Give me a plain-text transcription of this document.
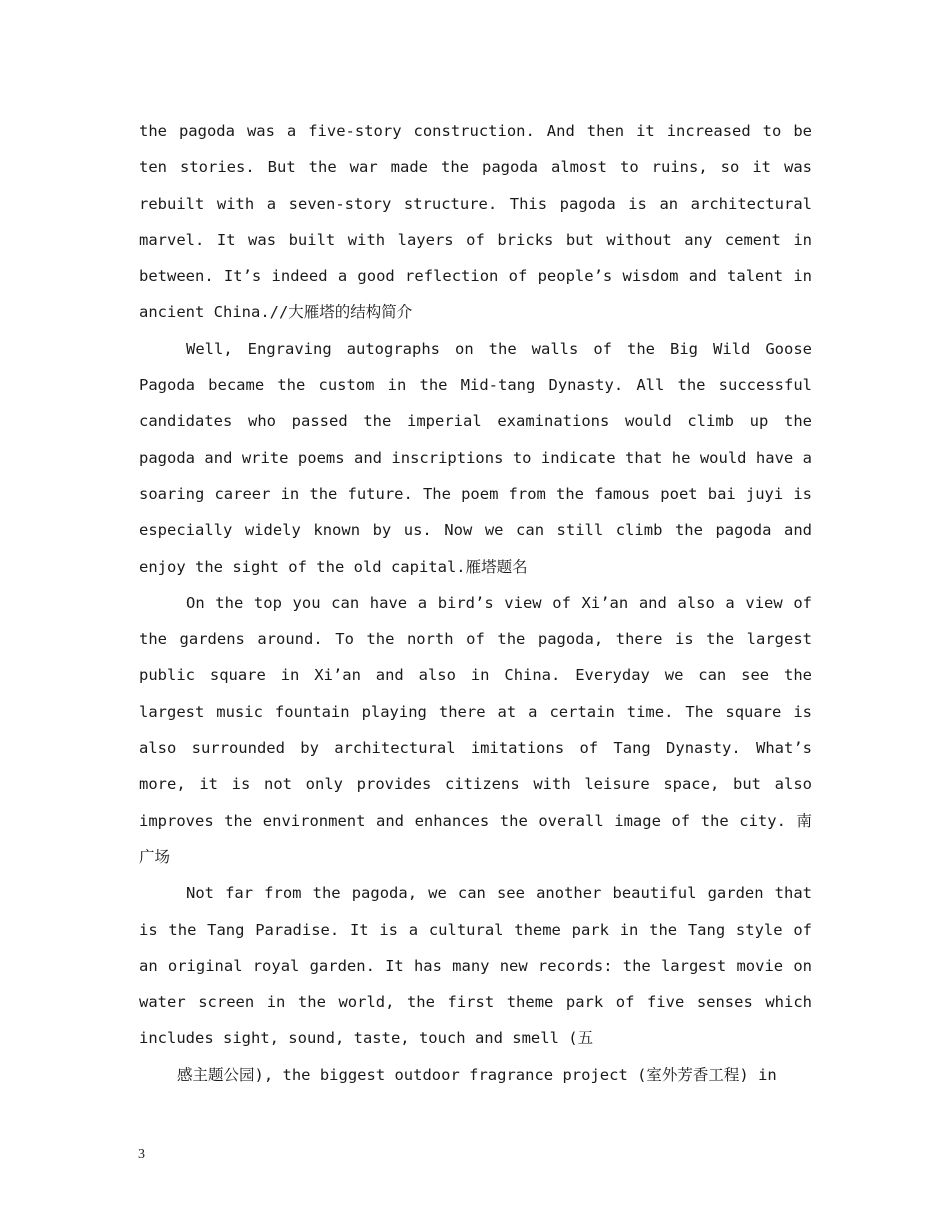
the pagoda was a five-story construction. And then it increased to be ten stories. But the war made the pagoda almost to ruins, so it was rebuilt with a seven-story structure. This pagoda is an architectural marvel. It was built with layers of bricks but without any cement in between. It’s indeed a good reflection of people’s wisdom and talent in ancient China.//大雁塔的结构简介

Well, Engraving autographs on the walls of the Big Wild Goose Pagoda became the custom in the Mid-tang Dynasty. All the successful candidates who passed the imperial examinations would climb up the pagoda and write poems and inscriptions to indicate that he would have a soaring career in the future. The poem from the famous poet bai juyi is especially widely known by us. Now we can still climb the pagoda and enjoy the sight of the old capital.雁塔题名

On the top you can have a bird’s view of Xi’an and also a view of the gardens around. To the north of the pagoda, there is the largest public square in Xi’an and also in China. Everyday we can see the largest music fountain playing there at a certain time. The square is also surrounded by architectural imitations of Tang Dynasty. What’s more, it is not only provides citizens with leisure space, but also improves the environment and enhances the overall image of the city. 南广场

Not far from the pagoda, we can see another beautiful garden that is the Tang Paradise. It is a cultural theme park in the Tang style of an original royal garden. It has many new records: the largest movie on water screen in the world, the first theme park of five senses which includes sight, sound, taste, touch and smell (五

感主题公园), the biggest outdoor fragrance project (室外芳香工程) in

3
